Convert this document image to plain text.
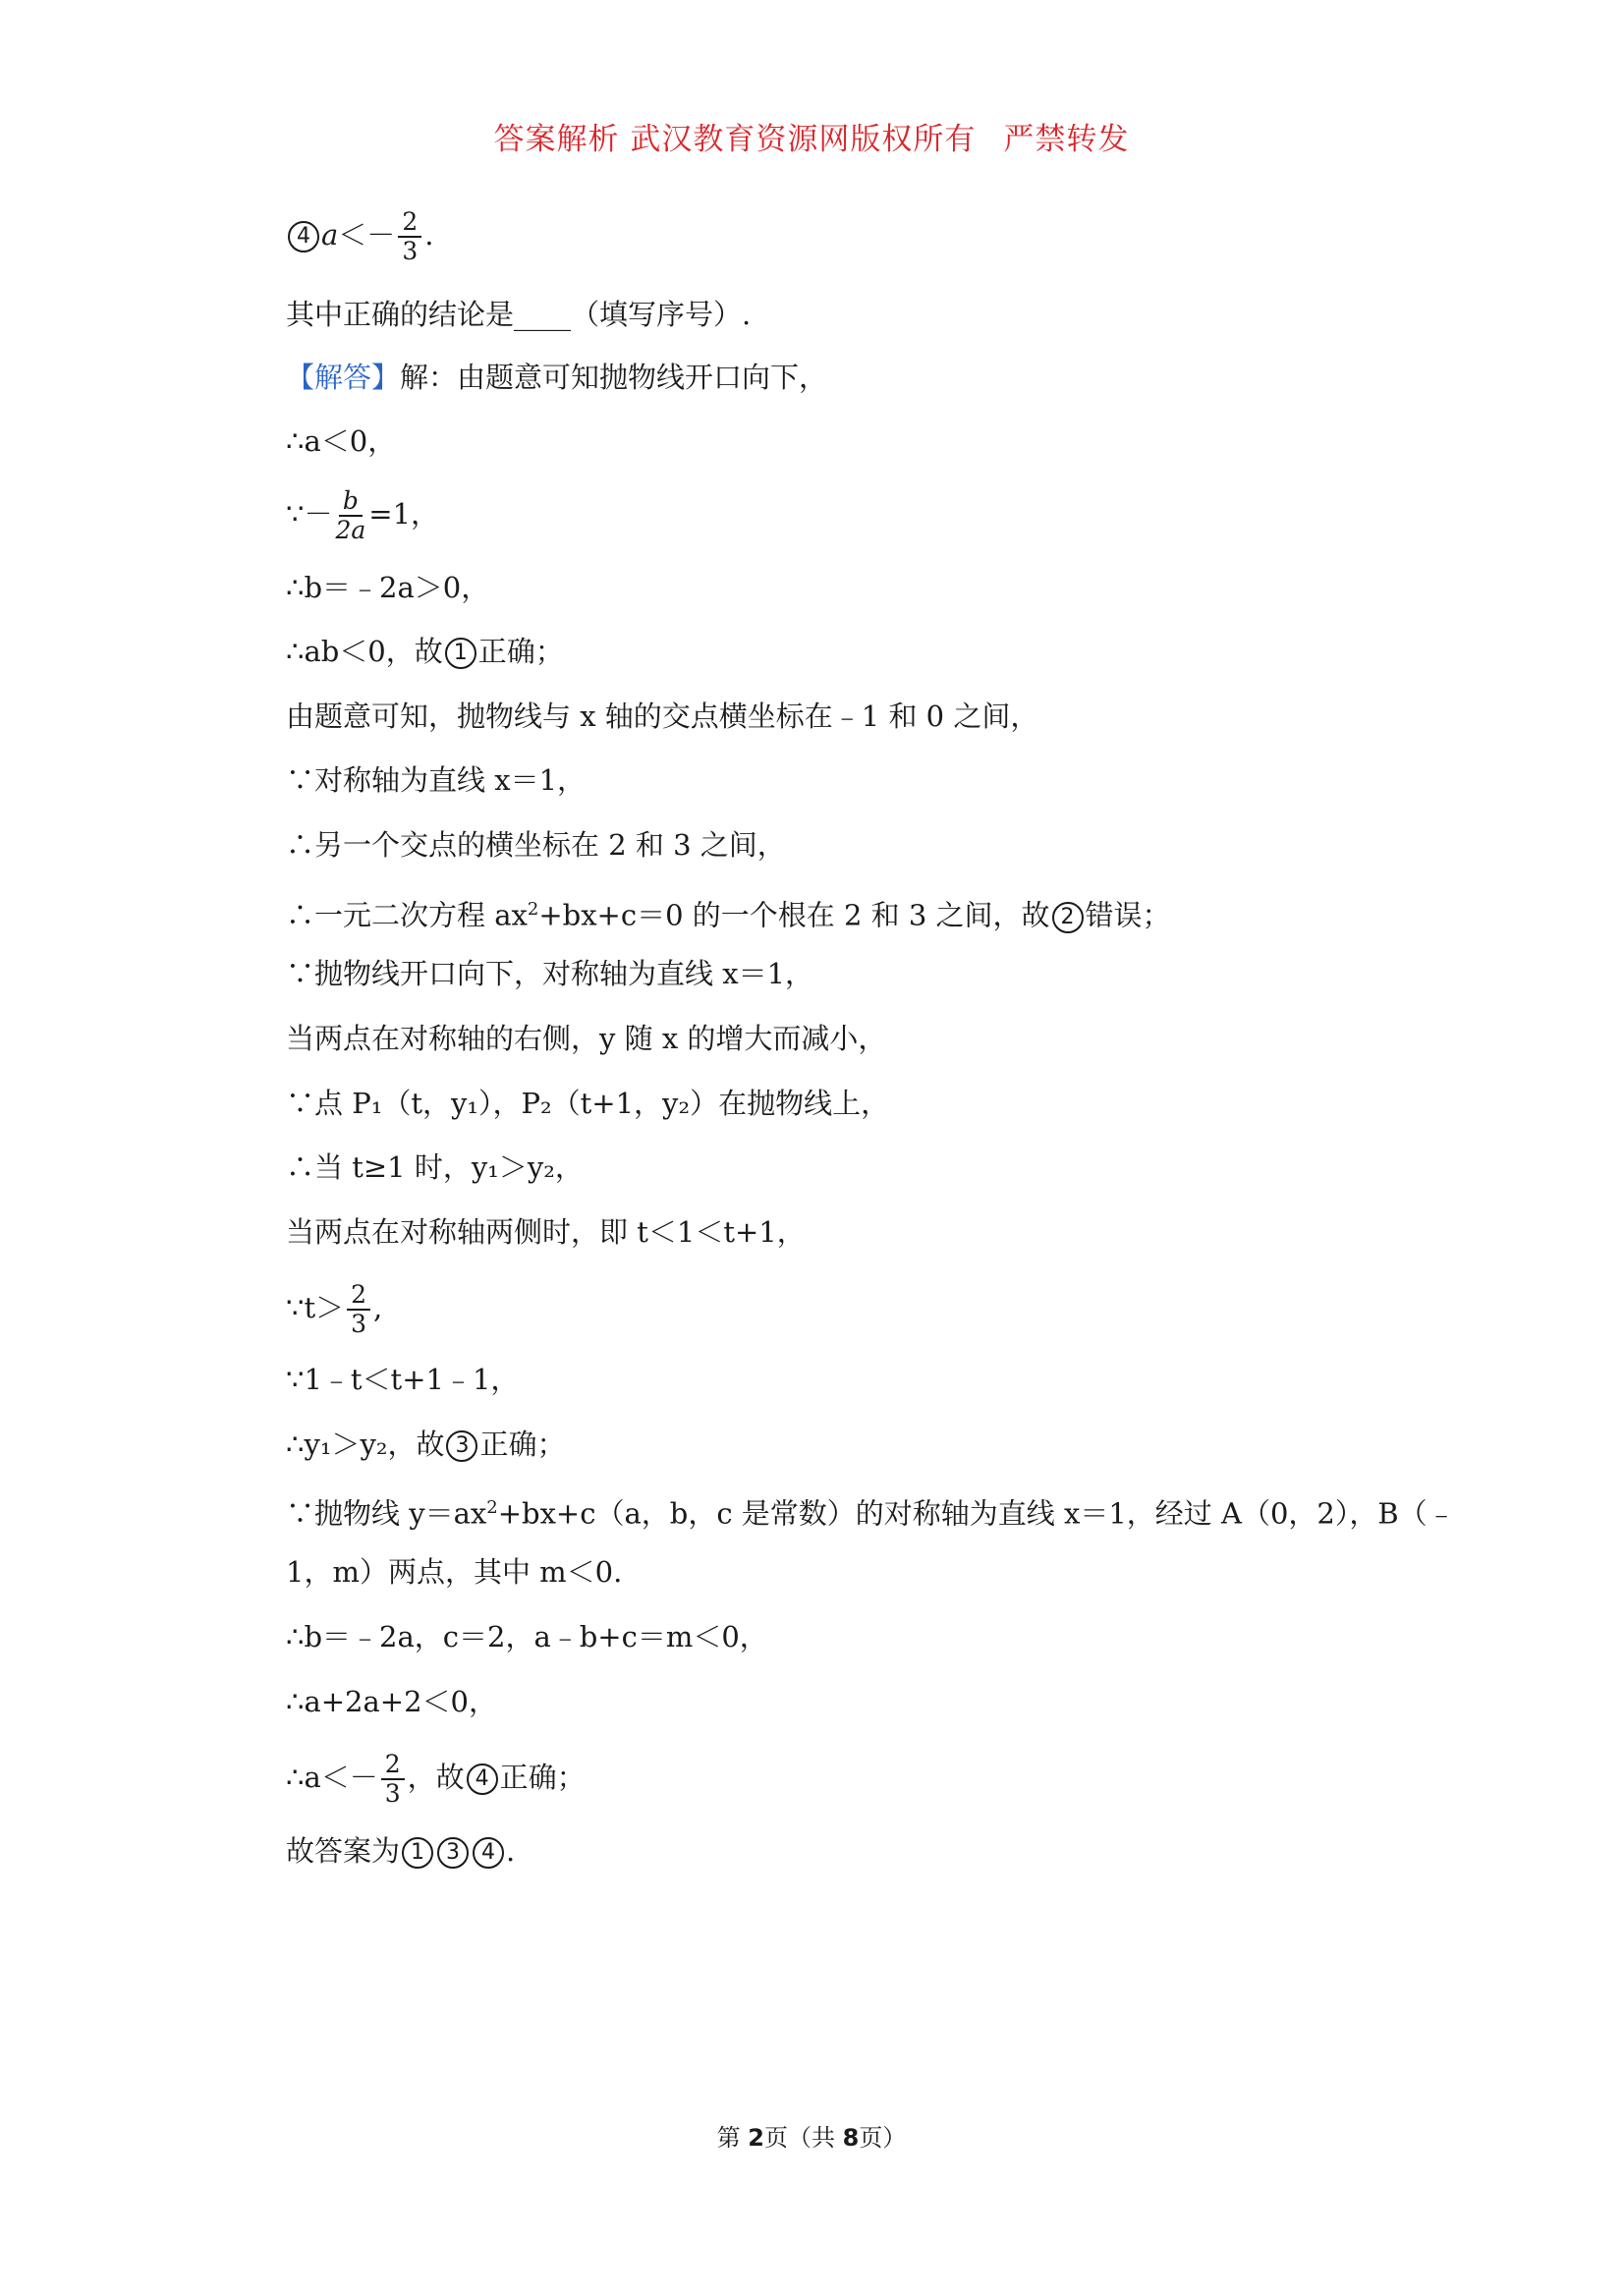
答案解析 武汉教育资源网版权所有 严禁转发
4 $a<- \frac{2}{3}$ .
其中正确的结论是____（填写序号）.
【解答】解：由题意可知抛物线开口向下，
∴a＜0，
∵－ $\frac{b}{2a} =1$，
∴b＝﹣2a＞0，
∴ab＜0，故 1 正确；
由题意可知，抛物线与 x 轴的交点横坐标在﹣1 和 0 之间，
∵对称轴为直线 x＝1，
∴另一个交点的横坐标在 2 和 3 之间，
∴一元二次方程 $ax^2+bx+c=0$ 的一个根在 2 和 3 之间，故 2 错误；
∵抛物线开口向下，对称轴为直线 x＝1，
当两点在对称轴的右侧，y 随 x 的增大而减小，
∵点 P₁（t，y₁），P₂（t+1，y₂）在抛物线上，
∴当 t≥1 时，y₁＞y₂，
当两点在对称轴两侧时，即 t＜1＜t+1，
∵t＞ $\frac{2}{3}$ ,
∵1﹣t＜t+1﹣1，
∴y₁＞y₂，故 3 正确；
∵抛物线 $y=ax^2+bx+c(a$，b，c 是常数）的对称轴为直线 x＝1，经过 A（0，2），B（﹣
1，m）两点，其中 m＜0.
∴b＝﹣2a，c＝2，a﹣b+c＝m＜0，
∴a+2a+2＜0，
∴a＜－ $\frac{2}{3}$ ，故 4 正确；
故答案为 1 3 4 .
第 2页（共 8页）
